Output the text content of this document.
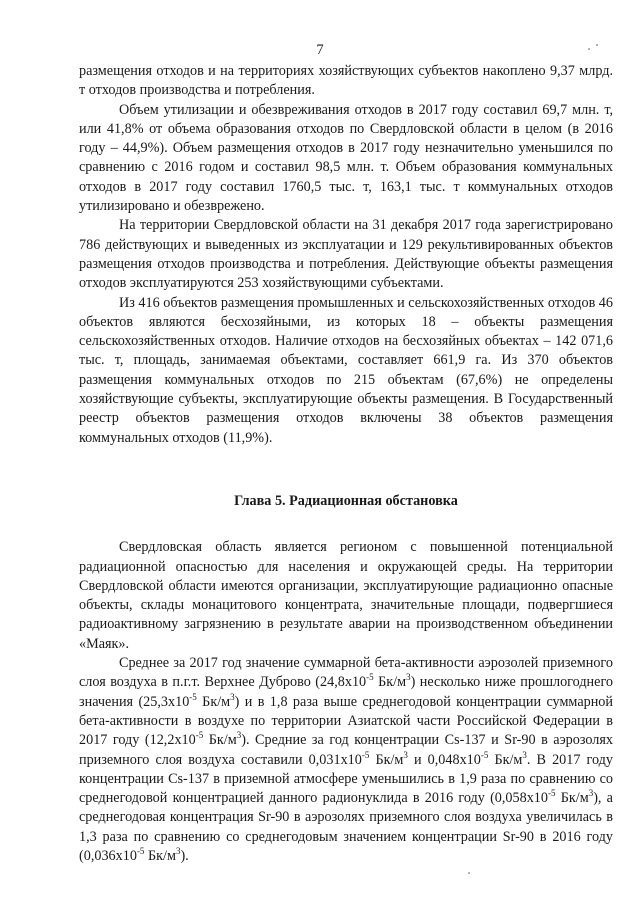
7

размещения отходов и на территориях хозяйствующих субъектов накоплено 9,37 млрд. т отходов производства и потребления.

Объем утилизации и обезвреживания отходов в 2017 году составил 69,7 млн. т, или 41,8% от объема образования отходов по Свердловской области в целом (в 2016 году – 44,9%). Объем размещения отходов в 2017 году незначительно уменьшился по сравнению с 2016 годом и составил 98,5 млн. т. Объем образования коммунальных отходов в 2017 году составил 1760,5 тыс. т, 163,1 тыс. т коммунальных отходов утилизировано и обезврежено.

На территории Свердловской области на 31 декабря 2017 года зарегистрировано 786 действующих и выведенных из эксплуатации и 129 рекультивированных объектов размещения отходов производства и потребления. Действующие объекты размещения отходов эксплуатируются 253 хозяйствующими субъектами.

Из 416 объектов размещения промышленных и сельскохозяйственных отходов 46 объектов являются бесхозяйными, из которых 18 – объекты размещения сельскохозяйственных отходов. Наличие отходов на бесхозяйных объектах – 142 071,6 тыс. т, площадь, занимаемая объектами, составляет 661,9 га. Из 370 объектов размещения коммунальных отходов по 215 объектам (67,6%) не определены хозяйствующие субъекты, эксплуатирующие объекты размещения. В Государственный реестр объектов размещения отходов включены 38 объектов размещения коммунальных отходов (11,9%).

Глава 5. Радиационная обстановка

Свердловская область является регионом с повышенной потенциальной радиационной опасностью для населения и окружающей среды. На территории Свердловской области имеются организации, эксплуатирующие радиационно опасные объекты, склады монацитового концентрата, значительные площади, подвергшиеся радиоактивному загрязнению в результате аварии на производственном объединении «Маяк».

Среднее за 2017 год значение суммарной бета-активности аэрозолей приземного слоя воздуха в п.г.т. Верхнее Дуброво ($24,8х10^{-5}$ $Бк/м^3$) несколько ниже прошлогоднего значения ($25,3х10^{-5}$ $Бк/м^3$) и в 1,8 раза выше среднегодовой концентрации суммарной бета-активности в воздухе по территории Азиатской части Российской Федерации в 2017 году ($12,2х10^{-5}$ $Бк/м^3$). Средние за год концентрации Cs-137 и Sr-90 в аэрозолях приземного слоя воздуха составили $0,031х10^{-5}$ $Бк/м^3$ и $0,048х10^{-5}$ $Бк/м^3$. В 2017 году концентрации Cs-137 в приземной атмосфере уменьшились в 1,9 раза по сравнению со среднегодовой концентрацией данного радионуклида в 2016 году ($0,058х10^{-5}$ $Бк/м^3$), а среднегодовая концентрация Sr-90 в аэрозолях приземного слоя воздуха увеличилась в 1,3 раза по сравнению со среднегодовым значением концентрации Sr-90 в 2016 году ($0,036х10^{-5}$ $Бк/м^3$).
